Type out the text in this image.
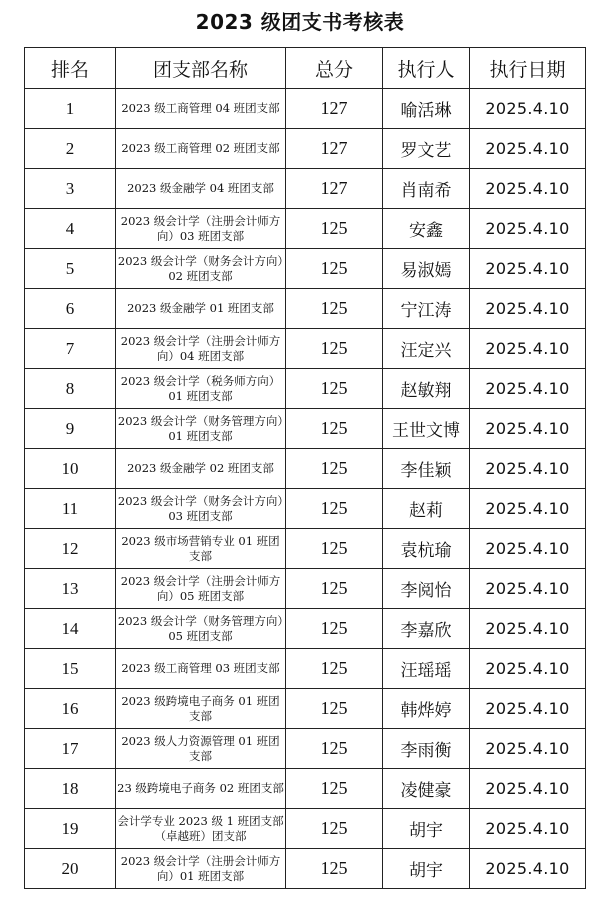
2023 级团支书考核表
排名	团支部名称	总分	执行人	执行日期
1	2023 级工商管理 04 班团支部	127	喻活琳	2025.4.10
2	2023 级工商管理 02 班团支部	127	罗文艺	2025.4.10
3	2023 级金融学 04 班团支部	127	肖南希	2025.4.10
4	2023 级会计学（注册会计师方向）03 班团支部	125	安鑫	2025.4.10
5	2023 级会计学（财务会计方向）02 班团支部	125	易淑嫣	2025.4.10
6	2023 级金融学 01 班团支部	125	宁江涛	2025.4.10
7	2023 级会计学（注册会计师方向）04 班团支部	125	汪定兴	2025.4.10
8	2023 级会计学（税务师方向）01 班团支部	125	赵敏翔	2025.4.10
9	2023 级会计学（财务管理方向）01 班团支部	125	王世文博	2025.4.10
10	2023 级金融学 02 班团支部	125	李佳颖	2025.4.10
11	2023 级会计学（财务会计方向）03 班团支部	125	赵莉	2025.4.10
12	2023 级市场营销专业 01 班团支部	125	袁杭瑜	2025.4.10
13	2023 级会计学（注册会计师方向）05 班团支部	125	李阅怡	2025.4.10
14	2023 级会计学（财务管理方向）05 班团支部	125	李嘉欣	2025.4.10
15	2023 级工商管理 03 班团支部	125	汪瑶瑶	2025.4.10
16	2023 级跨境电子商务 01 班团支部	125	韩烨婷	2025.4.10
17	2023 级人力资源管理 01 班团支部	125	李雨衡	2025.4.10
18	23 级跨境电子商务 02 班团支部	125	凌健豪	2025.4.10
19	会计学专业 2023 级 1 班团支部（卓越班）团支部	125	胡宇	2025.4.10
20	2023 级会计学（注册会计师方向）01 班团支部	125	胡宇	2025.4.10
